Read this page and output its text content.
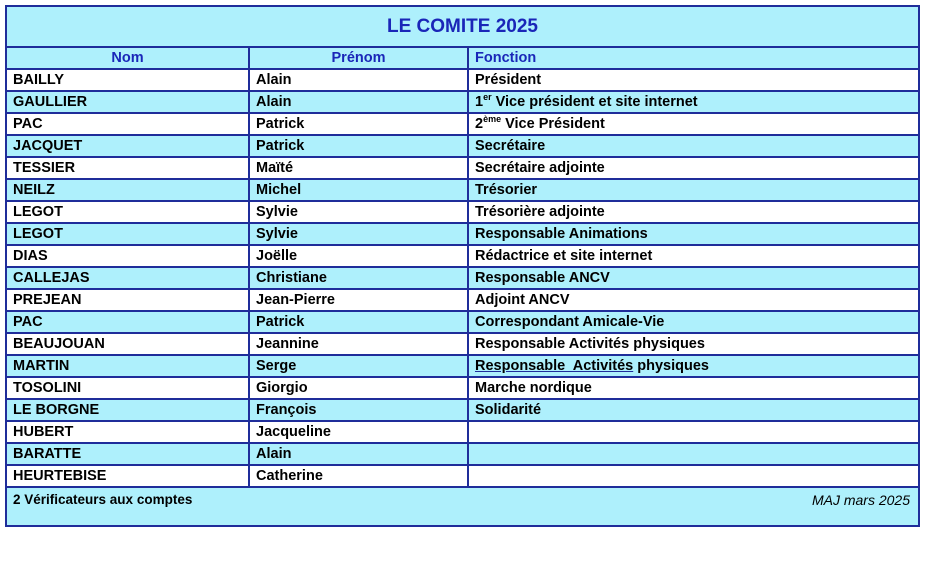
LE COMITE 2025		
Nom	Prénom	Fonction
BAILLY	Alain	Président
GAULLIER	Alain	1er Vice président et site internet
PAC	Patrick	2ème Vice Président
JACQUET	Patrick	Secrétaire
TESSIER	Maïté	Secrétaire adjointe
NEILZ	Michel	Trésorier
LEGOT	Sylvie	Trésorière adjointe
LEGOT	Sylvie	Responsable Animations
DIAS	Joëlle	Rédactrice et site internet
CALLEJAS	Christiane	Responsable ANCV
PREJEAN	Jean-Pierre	Adjoint ANCV
PAC	Patrick	Correspondant Amicale-Vie
BEAUJOUAN	Jeannine	Responsable Activités physiques
MARTIN	Serge	Responsable  Activités physiques
TOSOLINI	Giorgio	Marche nordique
LE BORGNE	François	Solidarité
HUBERT	Jacqueline	
BARATTE	Alain	
HEURTEBISE	Catherine	
2 Vérificateurs aux comptes MAJ mars 2025		
